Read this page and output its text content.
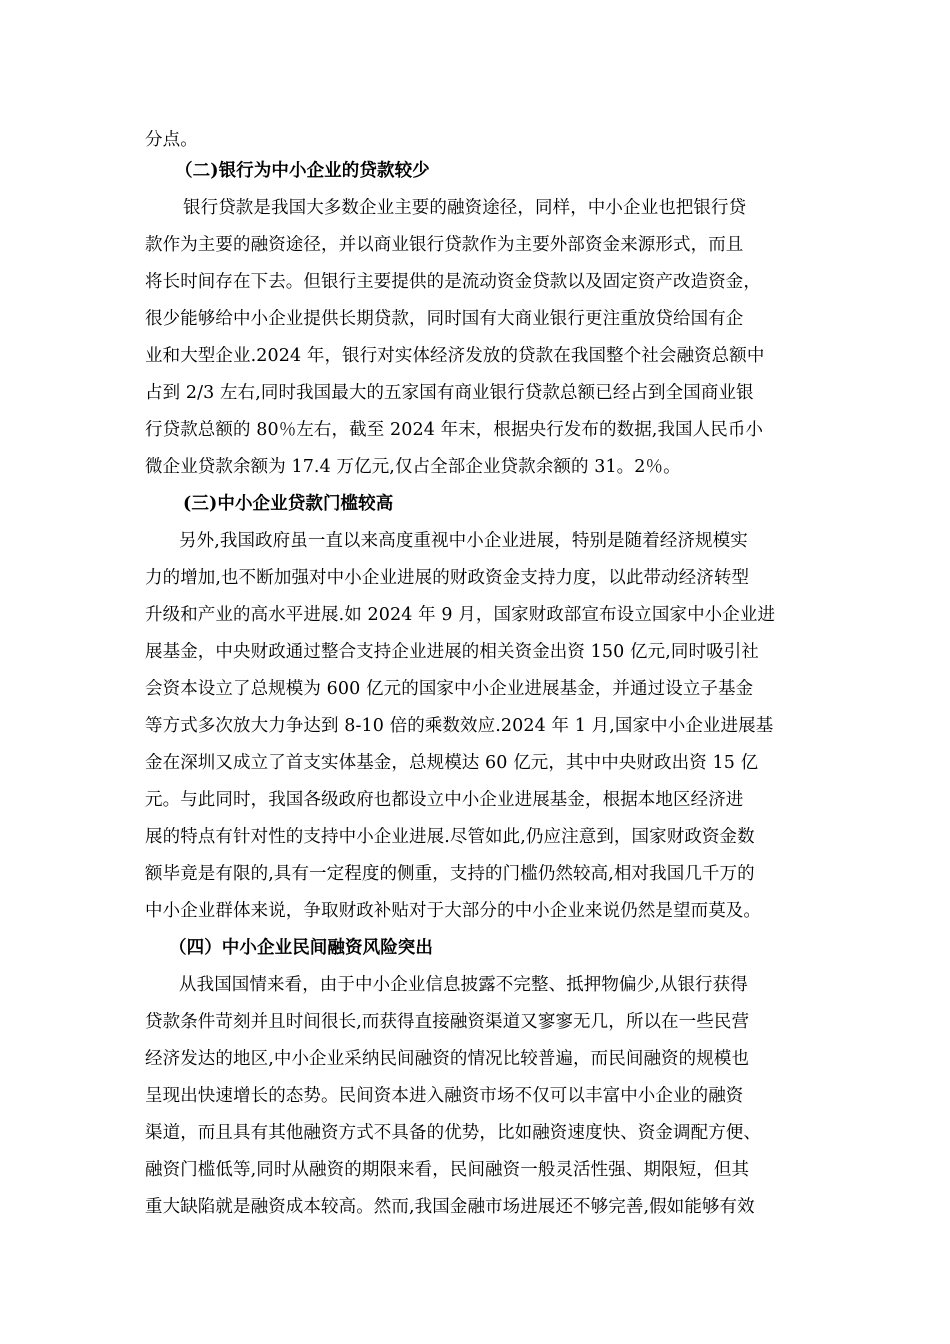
分点。
（二)银行为中小企业的贷款较少
银行贷款是我国大多数企业主要的融资途径，同样，中小企业也把银行贷
款作为主要的融资途径，并以商业银行贷款作为主要外部资金来源形式，而且
将长时间存在下去。但银行主要提供的是流动资金贷款以及固定资产改造资金，
很少能够给中小企业提供长期贷款，同时国有大商业银行更注重放贷给国有企
业和大型企业.2024 年，银行对实体经济发放的贷款在我国整个社会融资总额中
占到 2/3 左右,同时我国最大的五家国有商业银行贷款总额已经占到全国商业银
行贷款总额的 80％左右，截至 2024 年末，根据央行发布的数据,我国人民币小
微企业贷款余额为 17.4 万亿元,仅占全部企业贷款余额的 31。2％。
(三)中小企业贷款门槛较高
另外,我国政府虽一直以来高度重视中小企业进展，特别是随着经济规模实
力的增加,也不断加强对中小企业进展的财政资金支持力度，以此带动经济转型
升级和产业的高水平进展.如 2024 年 9 月，国家财政部宣布设立国家中小企业进
展基金，中央财政通过整合支持企业进展的相关资金出资 150 亿元,同时吸引社
会资本设立了总规模为 600 亿元的国家中小企业进展基金，并通过设立子基金
等方式多次放大力争达到 8-10 倍的乘数效应.2024 年 1 月,国家中小企业进展基
金在深圳又成立了首支实体基金，总规模达 60 亿元，其中中央财政出资 15 亿
元。与此同时，我国各级政府也都设立中小企业进展基金，根据本地区经济进
展的特点有针对性的支持中小企业进展.尽管如此,仍应注意到，国家财政资金数
额毕竟是有限的,具有一定程度的侧重，支持的门槛仍然较高,相对我国几千万的
中小企业群体来说，争取财政补贴对于大部分的中小企业来说仍然是望而莫及。
（四）中小企业民间融资风险突出
从我国国情来看，由于中小企业信息披露不完整、抵押物偏少,从银行获得
贷款条件苛刻并且时间很长,而获得直接融资渠道又寥寥无几，所以在一些民营
经济发达的地区,中小企业采纳民间融资的情况比较普遍，而民间融资的规模也
呈现出快速增长的态势。民间资本进入融资市场不仅可以丰富中小企业的融资
渠道，而且具有其他融资方式不具备的优势，比如融资速度快、资金调配方便、
融资门槛低等,同时从融资的期限来看，民间融资一般灵活性强、期限短，但其
重大缺陷就是融资成本较高。然而,我国金融市场进展还不够完善,假如能够有效
